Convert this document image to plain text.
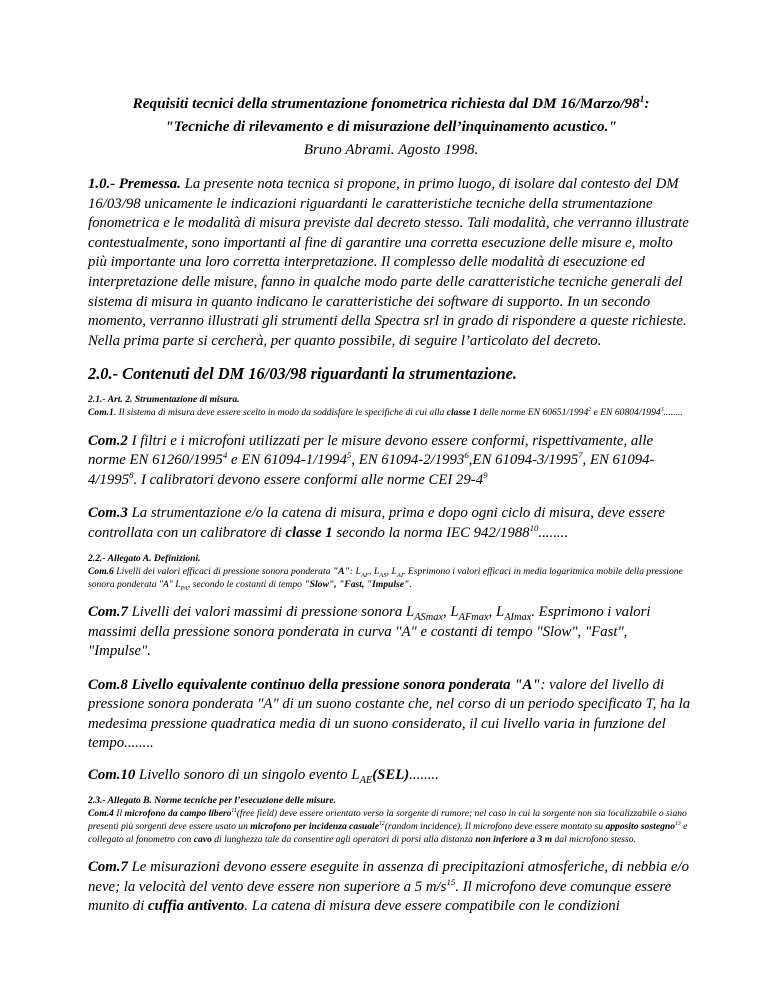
Requisiti tecnici della strumentazione fonometrica richiesta dal DM $16/Marzo/98^1$:
"Tecniche di rilevamento e di misurazione dell’inquinamento acustico."
Bruno Abrami. Agosto 1998.
1.0.- Premessa. La presente nota tecnica si propone, in primo luogo, di isolare dal contesto del DM 16/03/98 unicamente le indicazioni riguardanti le caratteristiche tecniche della strumentazione fonometrica e le modalità di misura previste dal decreto stesso. Tali modalità, che verranno illustrate contestualmente, sono importanti al fine di garantire una corretta esecuzione delle misure e, molto più importante una loro corretta interpretazione. Il complesso delle modalità di esecuzione ed interpretazione delle misure, fanno in qualche modo parte delle caratteristiche tecniche generali del sistema di misura in quanto indicano le caratteristiche dei software di supporto. In un secondo momento, verranno illustrati gli strumenti della Spectra srl in grado di rispondere a queste richieste. Nella prima parte si cercherà, per quanto possibile, di seguire l’articolato del decreto.
2.0.- Contenuti del DM 16/03/98 riguardanti la strumentazione.
2.1.- Art. 2. Strumentazione di misura.
Com.1. Il sistema di misura deve essere scelto in modo da soddisfare le specifiche di cui alla classe 1 delle norme EN 60651/1994$^2$ e EN 60804/1994$^3$........
Com.2 I filtri e i microfoni utilizzati per le misure devono essere conformi, rispettivamente, alle norme EN 61260/1995$^4$ e EN 61094-1/1994$^5$, EN 61094-2/1993$^6$,EN 61094-3/1995$^7$, EN 61094-4/1995$^8$. I calibratori devono essere conformi alle norme CEI $29-4^9$
Com.3 La strumentazione e/o la catena di misura, prima e dopo ogni ciclo di misura, deve essere controllata con un calibratore di classe 1 secondo la norma IEC 942/1988$^{10}$........
2.2.- Allegato A. Definizioni.
Com.6 Livelli dei valori efficaci di pressione sonora ponderata "A": $L_{AF}$, $L_{AS}$, $L_{AI}$. Esprimono i valori efficaci in media logaritmica mobile della pressione sonora ponderata "A" $L_{PA}$, secondo le costanti di tempo "Slow", "Fast, "Impulse".
Com.7 Livelli dei valori massimi di pressione sonora $L_{ASmax}$, $L_{AFmax}$, $L_{AImax}$. Esprimono i valori massimi della pressione sonora ponderata in curva "A" e costanti di tempo "Slow", "Fast", "Impulse".
Com.8 Livello equivalente continuo della pressione sonora ponderata "A": valore del livello di pressione sonora ponderata "A" di un suono costante che, nel corso di un periodo specificato T, ha la medesima pressione quadratica media di un suono considerato, il cui livello varia in funzione del tempo........
Com.10 Livello sonoro di un singolo evento $L_{AE}(SEL)$........
2.3.- Allegato B. Norme tecniche per l’esecuzione delle misure.
Com.4 Il microfono da campo libero$^{11}$(free field) deve essere orientato verso la sorgente di rumore; nel caso in cui la sorgente non sia localizzabile o siano presenti più sorgenti deve essere usato un microfono per incidenza casuale$^{12}$(random incidence). Il microfono deve essere montato su apposito sostegno$^{13}$ e collegato al fonometro con cavo di lunghezza tale da consentire agli operatori di porsi alla distanza non inferiore a 3 m dal microfono stesso.
Com.7 Le misurazioni devono essere eseguite in assenza di precipitazioni atmosferiche, di nebbia e/o neve; la velocità del vento deve essere non superiore a 5 $m/s^{15}$. Il microfono deve comunque essere munito di cuffia antivento. La catena di misura deve essere compatibile con le condizioni
